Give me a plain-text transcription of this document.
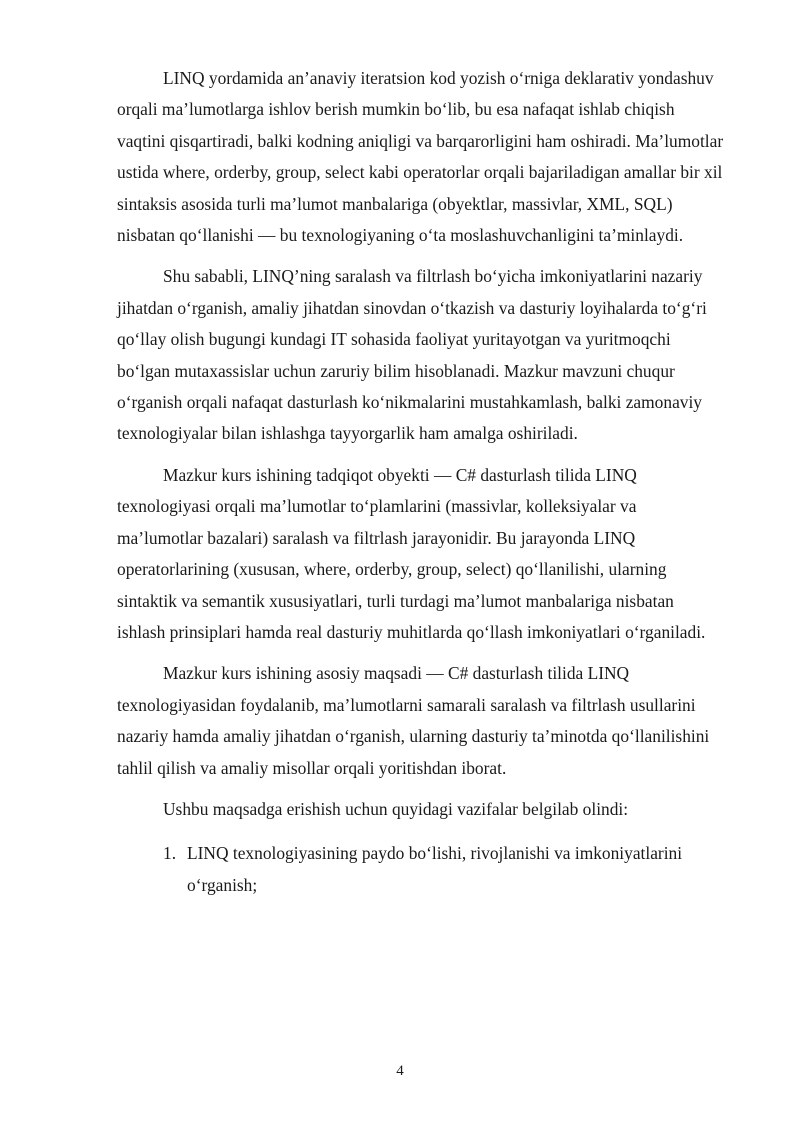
LINQ yordamida an’anaviy iteratsion kod yozish o‘rniga deklarativ yondashuv orqali ma’lumotlarga ishlov berish mumkin bo‘lib, bu esa nafaqat ishlab chiqish vaqtini qisqartiradi, balki kodning aniqligi va barqarorligini ham oshiradi. Ma’lumotlar ustida where, orderby, group, select kabi operatorlar orqali bajariladigan amallar bir xil sintaksis asosida turli ma’lumot manbalariga (obyektlar, massivlar, XML, SQL) nisbatan qo‘llanishi — bu texnologiyaning o‘ta moslashuvchanligini ta’minlaydi.

Shu sababli, LINQ’ning saralash va filtrlash bo‘yicha imkoniyatlarini nazariy jihatdan o‘rganish, amaliy jihatdan sinovdan o‘tkazish va dasturiy loyihalarda to‘g‘ri qo‘llay olish bugungi kundagi IT sohasida faoliyat yuritayotgan va yuritmoqchi bo‘lgan mutaxassislar uchun zaruriy bilim hisoblanadi. Mazkur mavzuni chuqur o‘rganish orqali nafaqat dasturlash ko‘nikmalarini mustahkamlash, balki zamonaviy texnologiyalar bilan ishlashga tayyorgarlik ham amalga oshiriladi.

Mazkur kurs ishining tadqiqot obyekti — C# dasturlash tilida LINQ texnologiyasi orqali ma’lumotlar to‘plamlarini (massivlar, kolleksiyalar va ma’lumotlar bazalari) saralash va filtrlash jarayonidir. Bu jarayonda LINQ operatorlarining (xususan, where, orderby, group, select) qo‘llanilishi, ularning sintaktik va semantik xususiyatlari, turli turdagi ma’lumot manbalariga nisbatan ishlash prinsiplari hamda real dasturiy muhitlarda qo‘llash imkoniyatlari o‘rganiladi.

Mazkur kurs ishining asosiy maqsadi — C# dasturlash tilida LINQ texnologiyasidan foydalanib, ma’lumotlarni samarali saralash va filtrlash usullarini nazariy hamda amaliy jihatdan o‘rganish, ularning dasturiy ta’minotda qo‘llanilishini tahlil qilish va amaliy misollar orqali yoritishdan iborat.

Ushbu maqsadga erishish uchun quyidagi vazifalar belgilab olindi:

1. LINQ texnologiyasining paydo bo‘lishi, rivojlanishi va imkoniyatlarini o‘rganish;
4
